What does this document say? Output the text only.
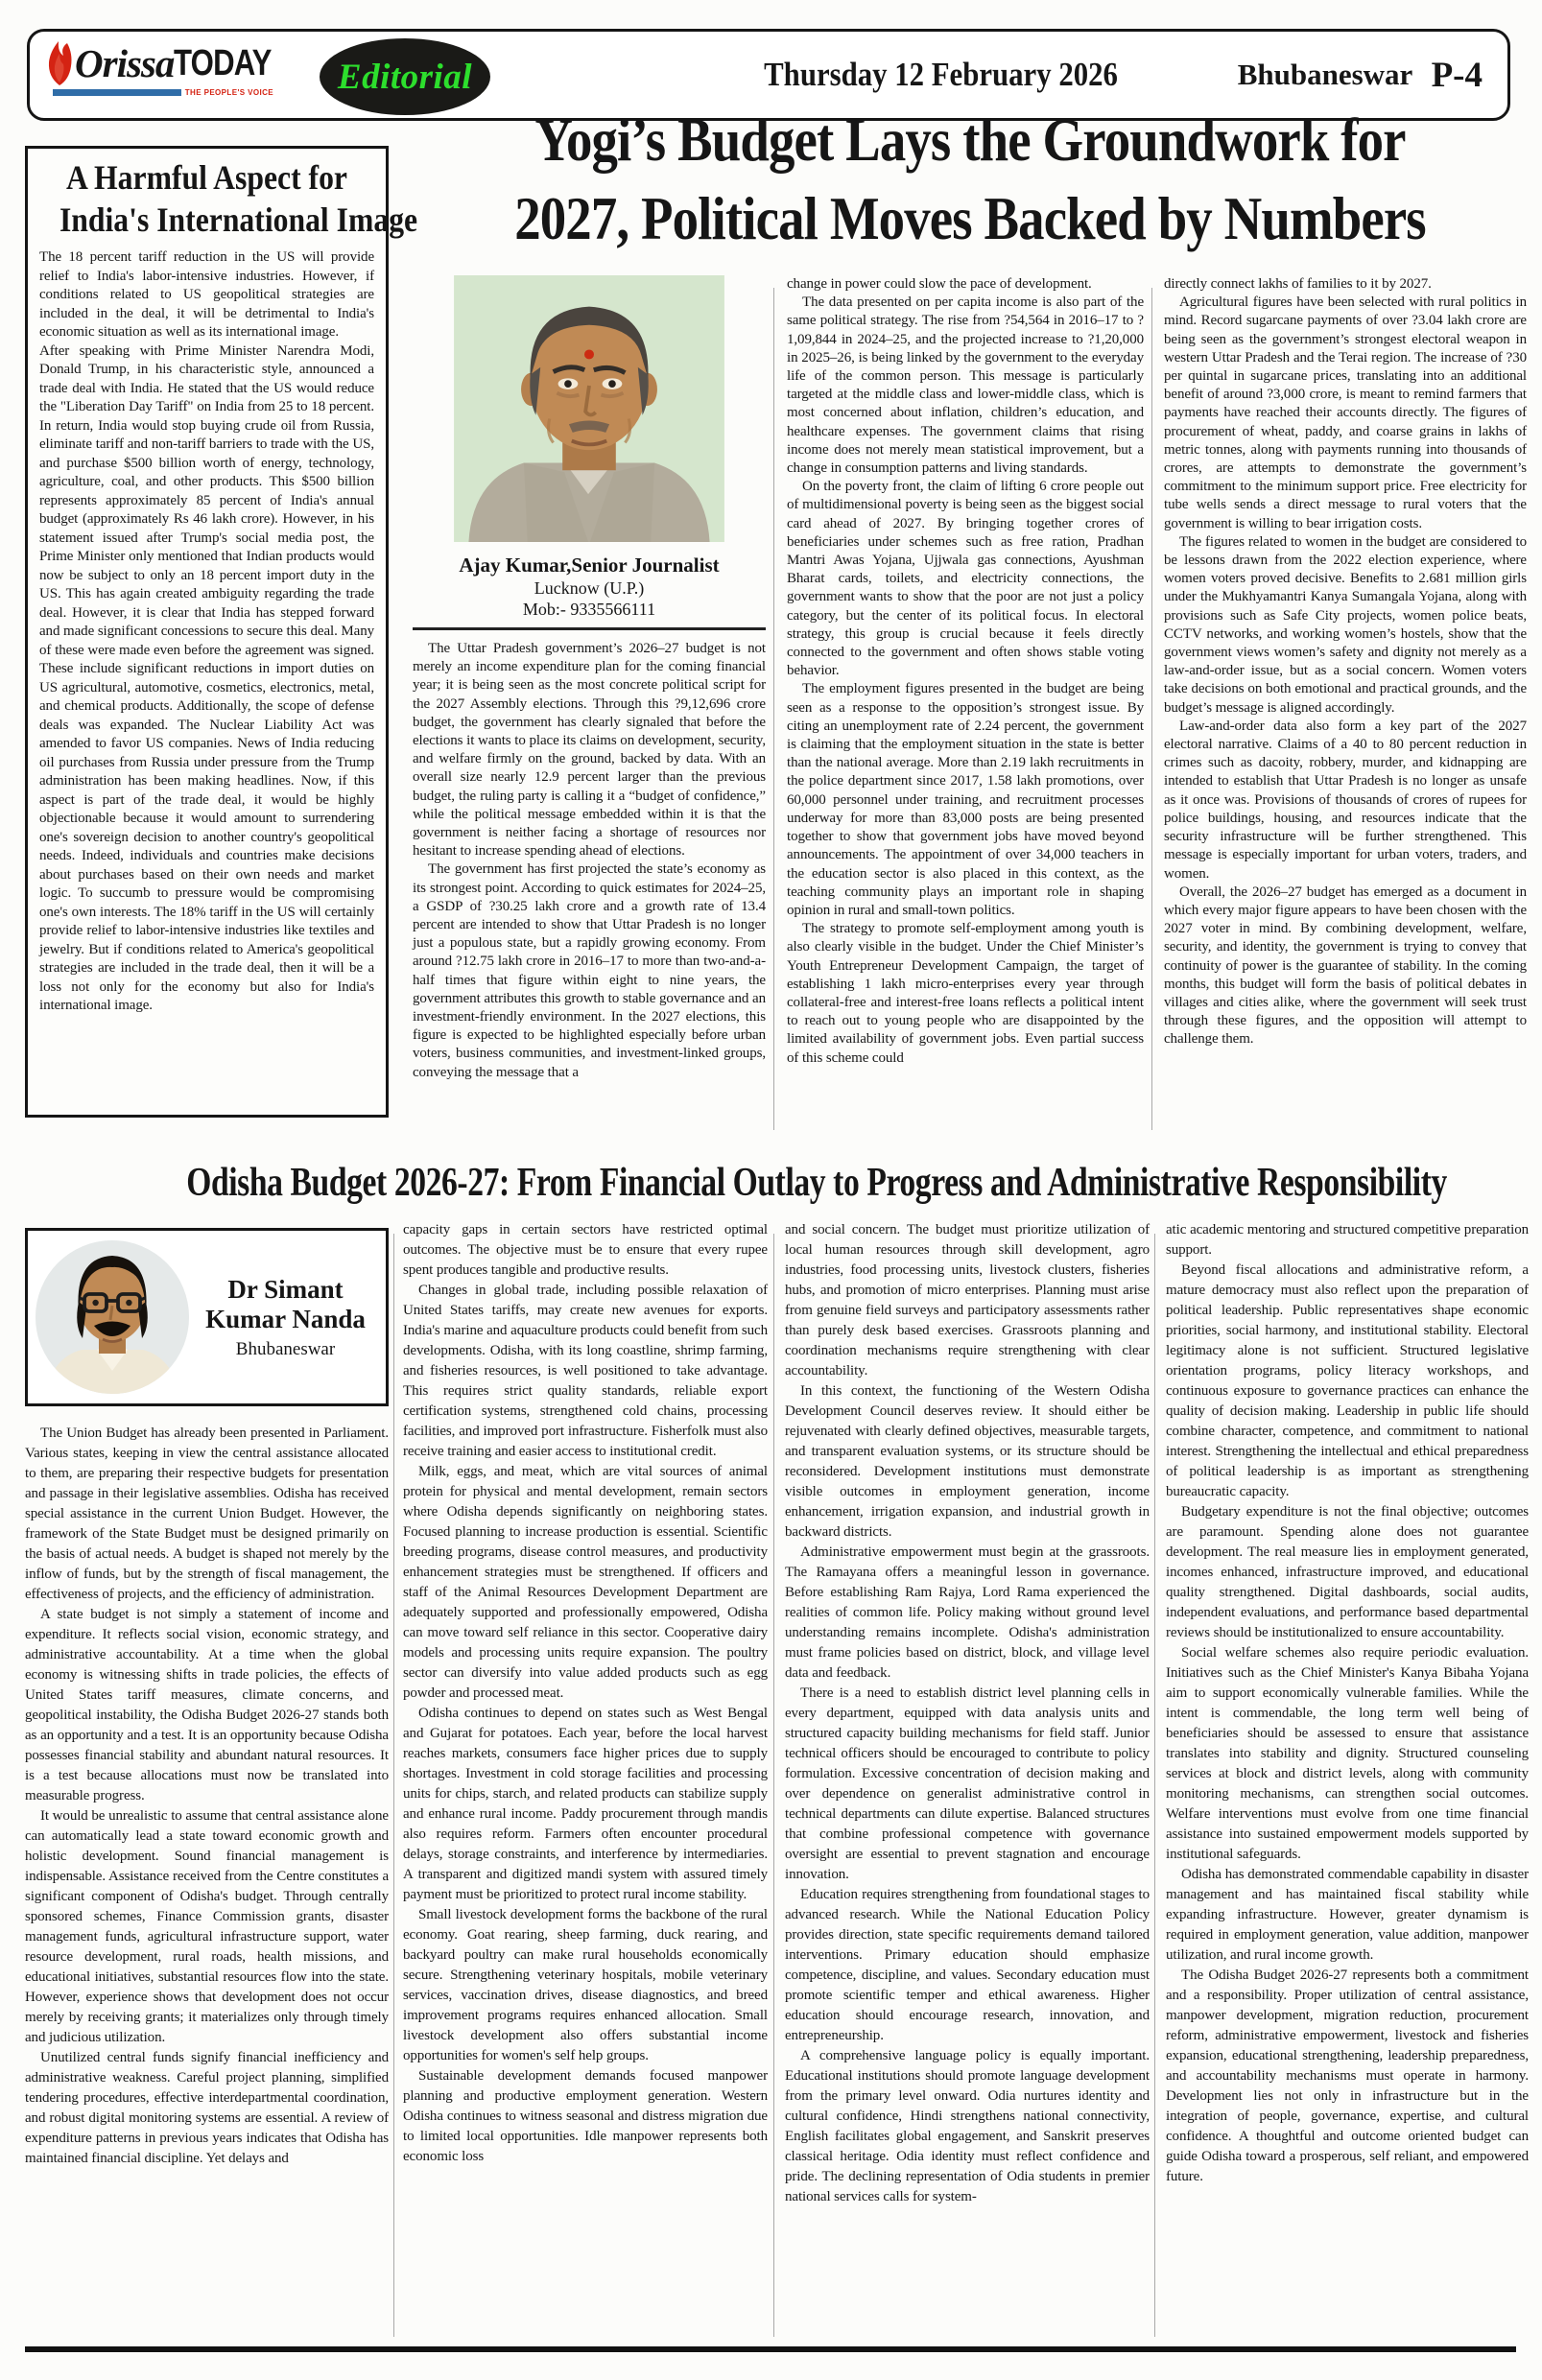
Orissa TODAY
THE PEOPLE'S VOICE Editorial	Thursday 12 February 2026	Bhubaneswar P-4
A Harmful Aspect for
India's International Image

The 18 percent tariff reduction in the US will provide relief to India's labor-intensive industries. However, if conditions related to US geopolitical strategies are included in the deal, it will be detrimental to India's economic situation as well as its international image.

After speaking with Prime Minister Narendra Modi, Donald Trump, in his characteristic style, announced a trade deal with India. He stated that the US would reduce the "Liberation Day Tariff" on India from 25 to 18 percent. In return, India would stop buying crude oil from Russia, eliminate tariff and non-tariff barriers to trade with the US, and purchase $500 billion worth of energy, technology, agriculture, coal, and other products. This $500 billion represents approximately 85 percent of India's annual budget (approximately Rs 46 lakh crore). However, in his statement issued after Trump's social media post, the Prime Minister only mentioned that Indian products would now be subject to only an 18 percent import duty in the US. This has again created ambiguity regarding the trade deal. However, it is clear that India has stepped forward and made significant concessions to secure this deal. Many of these were made even before the agreement was signed. These include significant reductions in import duties on US agricultural, automotive, cosmetics, electronics, metal, and chemical products. Additionally, the scope of defense deals was expanded. The Nuclear Liability Act was amended to favor US companies. News of India reducing oil purchases from Russia under pressure from the Trump administration has been making headlines. Now, if this aspect is part of the trade deal, it would be highly objectionable because it would amount to surrendering one's sovereign decision to another country's geopolitical needs. Indeed, individuals and countries make decisions about purchases based on their own needs and market logic. To succumb to pressure would be compromising one's own interests. The 18% tariff in the US will certainly provide relief to labor-intensive industries like textiles and jewelry. But if conditions related to America's geopolitical strategies are included in the trade deal, then it will be a loss not only for the economy but also for India's international image.

Yogi’s Budget Lays the Groundwork for
2027, Political Moves Backed by Numbers
Ajay Kumar,Senior Journalist
Lucknow (U.P.)
Mob:- 9335566111

The Uttar Pradesh government’s 2026–27 budget is not merely an income expenditure plan for the coming financial year; it is being seen as the most concrete political script for the 2027 Assembly elections. Through this ?9,12,696 crore budget, the government has clearly signaled that before the elections it wants to place its claims on development, security, and welfare firmly on the ground, backed by data. With an overall size nearly 12.9 percent larger than the previous budget, the ruling party is calling it a “budget of confidence,” while the political message embedded within it is that the government is neither facing a shortage of resources nor hesitant to increase spending ahead of elections.

The government has first projected the state’s economy as its strongest point. According to quick estimates for 2024–25, a GSDP of ?30.25 lakh crore and a growth rate of 13.4 percent are intended to show that Uttar Pradesh is no longer just a populous state, but a rapidly growing economy. From around ?12.75 lakh crore in 2016–17 to more than two-and-a-half times that figure within eight to nine years, the government attributes this growth to stable governance and an investment-friendly environment. In the 2027 elections, this figure is expected to be highlighted especially before urban voters, business communities, and investment-linked groups, conveying the message that a

change in power could slow the pace of development.

The data presented on per capita income is also part of the same political strategy. The rise from ?54,564 in 2016–17 to ?1,09,844 in 2024–25, and the projected increase to ?1,20,000 in 2025–26, is being linked by the government to the everyday life of the common person. This message is particularly targeted at the middle class and lower-middle class, which is most concerned about inflation, children’s education, and healthcare expenses. The government claims that rising income does not merely mean statistical improvement, but a change in consumption patterns and living standards.

On the poverty front, the claim of lifting 6 crore people out of multidimensional poverty is being seen as the biggest social card ahead of 2027. By bringing together crores of beneficiaries under schemes such as free ration, Pradhan Mantri Awas Yojana, Ujjwala gas connections, Ayushman Bharat cards, toilets, and electricity connections, the government wants to show that the poor are not just a policy category, but the center of its political focus. In electoral strategy, this group is crucial because it feels directly connected to the government and often shows stable voting behavior.

The employment figures presented in the budget are being seen as a response to the opposition’s strongest issue. By citing an unemployment rate of 2.24 percent, the government is claiming that the employment situation in the state is better than the national average. More than 2.19 lakh recruitments in the police department since 2017, 1.58 lakh promotions, over 60,000 personnel under training, and recruitment processes underway for more than 83,000 posts are being presented together to show that government jobs have moved beyond announcements. The appointment of over 34,000 teachers in the education sector is also placed in this context, as the teaching community plays an important role in shaping opinion in rural and small-town politics.

The strategy to promote self-employment among youth is also clearly visible in the budget. Under the Chief Minister’s Youth Entrepreneur Development Campaign, the target of establishing 1 lakh micro-enterprises every year through collateral-free and interest-free loans reflects a political intent to reach out to young people who are disappointed by the limited availability of government jobs. Even partial success of this scheme could

directly connect lakhs of families to it by 2027.

Agricultural figures have been selected with rural politics in mind. Record sugarcane payments of over ?3.04 lakh crore are being seen as the government’s strongest electoral weapon in western Uttar Pradesh and the Terai region. The increase of ?30 per quintal in sugarcane prices, translating into an additional benefit of around ?3,000 crore, is meant to remind farmers that payments have reached their accounts directly. The figures of procurement of wheat, paddy, and coarse grains in lakhs of metric tonnes, along with payments running into thousands of crores, are attempts to demonstrate the government’s commitment to the minimum support price. Free electricity for tube wells sends a direct message to rural voters that the government is willing to bear irrigation costs.

The figures related to women in the budget are considered to be lessons drawn from the 2022 election experience, where women voters proved decisive. Benefits to 2.681 million girls under the Mukhyamantri Kanya Sumangala Yojana, along with provisions such as Safe City projects, women police beats, CCTV networks, and working women’s hostels, show that the government views women’s safety and dignity not merely as a law-and-order issue, but as a social concern. Women voters take decisions on both emotional and practical grounds, and the budget’s message is aligned accordingly.

Law-and-order data also form a key part of the 2027 electoral narrative. Claims of a 40 to 80 percent reduction in crimes such as dacoity, robbery, murder, and kidnapping are intended to establish that Uttar Pradesh is no longer as unsafe as it once was. Provisions of thousands of crores of rupees for police buildings, housing, and resources indicate that the security infrastructure will be further strengthened. This message is especially important for urban voters, traders, and women.

Overall, the 2026–27 budget has emerged as a document in which every major figure appears to have been chosen with the 2027 voter in mind. By combining development, welfare, security, and identity, the government is trying to convey that continuity of power is the guarantee of stability. In the coming months, this budget will form the basis of political debates in villages and cities alike, where the government will seek trust through these figures, and the opposition will attempt to challenge them.

Odisha Budget 2026-27: From Financial Outlay to Progress and Administrative Responsibility
Dr Simant Kumar Nanda
Bhubaneswar

The Union Budget has already been presented in Parliament. Various states, keeping in view the central assistance allocated to them, are preparing their respective budgets for presentation and passage in their legislative assemblies. Odisha has received special assistance in the current Union Budget. However, the framework of the State Budget must be designed primarily on the basis of actual needs. A budget is shaped not merely by the inflow of funds, but by the strength of fiscal management, the effectiveness of projects, and the efficiency of administration.

A state budget is not simply a statement of income and expenditure. It reflects social vision, economic strategy, and administrative accountability. At a time when the global economy is witnessing shifts in trade policies, the effects of United States tariff measures, climate concerns, and geopolitical instability, the Odisha Budget 2026-27 stands both as an opportunity and a test. It is an opportunity because Odisha possesses financial stability and abundant natural resources. It is a test because allocations must now be translated into measurable progress.

It would be unrealistic to assume that central assistance alone can automatically lead a state toward economic growth and holistic development. Sound financial management is indispensable. Assistance received from the Centre constitutes a significant component of Odisha's budget. Through centrally sponsored schemes, Finance Commission grants, disaster management funds, agricultural infrastructure support, water resource development, rural roads, health missions, and educational initiatives, substantial resources flow into the state. However, experience shows that development does not occur merely by receiving grants; it materializes only through timely and judicious utilization.

Unutilized central funds signify financial inefficiency and administrative weakness. Careful project planning, simplified tendering procedures, effective interdepartmental coordination, and robust digital monitoring systems are essential. A review of expenditure patterns in previous years indicates that Odisha has maintained financial discipline. Yet delays and

capacity gaps in certain sectors have restricted optimal outcomes. The objective must be to ensure that every rupee spent produces tangible and productive results.

Changes in global trade, including possible relaxation of United States tariffs, may create new avenues for exports. India's marine and aquaculture products could benefit from such developments. Odisha, with its long coastline, shrimp farming, and fisheries resources, is well positioned to take advantage. This requires strict quality standards, reliable export certification systems, strengthened cold chains, processing facilities, and improved port infrastructure. Fisherfolk must also receive training and easier access to institutional credit.

Milk, eggs, and meat, which are vital sources of animal protein for physical and mental development, remain sectors where Odisha depends significantly on neighboring states. Focused planning to increase production is essential. Scientific breeding programs, disease control measures, and productivity enhancement strategies must be strengthened. If officers and staff of the Animal Resources Development Department are adequately supported and professionally empowered, Odisha can move toward self reliance in this sector. Cooperative dairy models and processing units require expansion. The poultry sector can diversify into value added products such as egg powder and processed meat.

Odisha continues to depend on states such as West Bengal and Gujarat for potatoes. Each year, before the local harvest reaches markets, consumers face higher prices due to supply shortages. Investment in cold storage facilities and processing units for chips, starch, and related products can stabilize supply and enhance rural income. Paddy procurement through mandis also requires reform. Farmers often encounter procedural delays, storage constraints, and interference by intermediaries. A transparent and digitized mandi system with assured timely payment must be prioritized to protect rural income stability.

Small livestock development forms the backbone of the rural economy. Goat rearing, sheep farming, duck rearing, and backyard poultry can make rural households economically secure. Strengthening veterinary hospitals, mobile veterinary services, vaccination drives, disease diagnostics, and breed improvement programs requires enhanced allocation. Small livestock development also offers substantial income opportunities for women's self help groups.

Sustainable development demands focused manpower planning and productive employment generation. Western Odisha continues to witness seasonal and distress migration due to limited local opportunities. Idle manpower represents both economic loss

and social concern. The budget must prioritize utilization of local human resources through skill development, agro industries, food processing units, livestock clusters, fisheries hubs, and promotion of micro enterprises. Planning must arise from genuine field surveys and participatory assessments rather than purely desk based exercises. Grassroots planning and coordination mechanisms require strengthening with clear accountability.

In this context, the functioning of the Western Odisha Development Council deserves review. It should either be rejuvenated with clearly defined objectives, measurable targets, and transparent evaluation systems, or its structure should be reconsidered. Development institutions must demonstrate visible outcomes in employment generation, income enhancement, irrigation expansion, and industrial growth in backward districts.

Administrative empowerment must begin at the grassroots. The Ramayana offers a meaningful lesson in governance. Before establishing Ram Rajya, Lord Rama experienced the realities of common life. Policy making without ground level understanding remains incomplete. Odisha's administration must frame policies based on district, block, and village level data and feedback.

There is a need to establish district level planning cells in every department, equipped with data analysis units and structured capacity building mechanisms for field staff. Junior technical officers should be encouraged to contribute to policy formulation. Excessive concentration of decision making and over dependence on generalist administrative control in technical departments can dilute expertise. Balanced structures that combine professional competence with governance oversight are essential to prevent stagnation and encourage innovation.

Education requires strengthening from foundational stages to advanced research. While the National Education Policy provides direction, state specific requirements demand tailored interventions. Primary education should emphasize competence, discipline, and values. Secondary education must promote scientific temper and ethical awareness. Higher education should encourage research, innovation, and entrepreneurship.

A comprehensive language policy is equally important. Educational institutions should promote language development from the primary level onward. Odia nurtures identity and cultural confidence, Hindi strengthens national connectivity, English facilitates global engagement, and Sanskrit preserves classical heritage. Odia identity must reflect confidence and pride. The declining representation of Odia students in premier national services calls for system-

atic academic mentoring and structured competitive preparation support.

Beyond fiscal allocations and administrative reform, a mature democracy must also reflect upon the preparation of political leadership. Public representatives shape economic priorities, social harmony, and institutional stability. Electoral legitimacy alone is not sufficient. Structured legislative orientation programs, policy literacy workshops, and continuous exposure to governance practices can enhance the quality of decision making. Leadership in public life should combine character, competence, and commitment to national interest. Strengthening the intellectual and ethical preparedness of political leadership is as important as strengthening bureaucratic capacity.

Budgetary expenditure is not the final objective; outcomes are paramount. Spending alone does not guarantee development. The real measure lies in employment generated, incomes enhanced, infrastructure improved, and educational quality strengthened. Digital dashboards, social audits, independent evaluations, and performance based departmental reviews should be institutionalized to ensure accountability.

Social welfare schemes also require periodic evaluation. Initiatives such as the Chief Minister's Kanya Bibaha Yojana aim to support economically vulnerable families. While the intent is commendable, the long term well being of beneficiaries should be assessed to ensure that assistance translates into stability and dignity. Structured counseling services at block and district levels, along with community monitoring mechanisms, can strengthen social outcomes. Welfare interventions must evolve from one time financial assistance into sustained empowerment models supported by institutional safeguards.

Odisha has demonstrated commendable capability in disaster management and has maintained fiscal stability while expanding infrastructure. However, greater dynamism is required in employment generation, value addition, manpower utilization, and rural income growth.

The Odisha Budget 2026-27 represents both a commitment and a responsibility. Proper utilization of central assistance, manpower development, migration reduction, procurement reform, administrative empowerment, livestock and fisheries expansion, educational strengthening, leadership preparedness, and accountability mechanisms must operate in harmony. Development lies not only in infrastructure but in the integration of people, governance, expertise, and cultural confidence. A thoughtful and outcome oriented budget can guide Odisha toward a prosperous, self reliant, and empowered future.
